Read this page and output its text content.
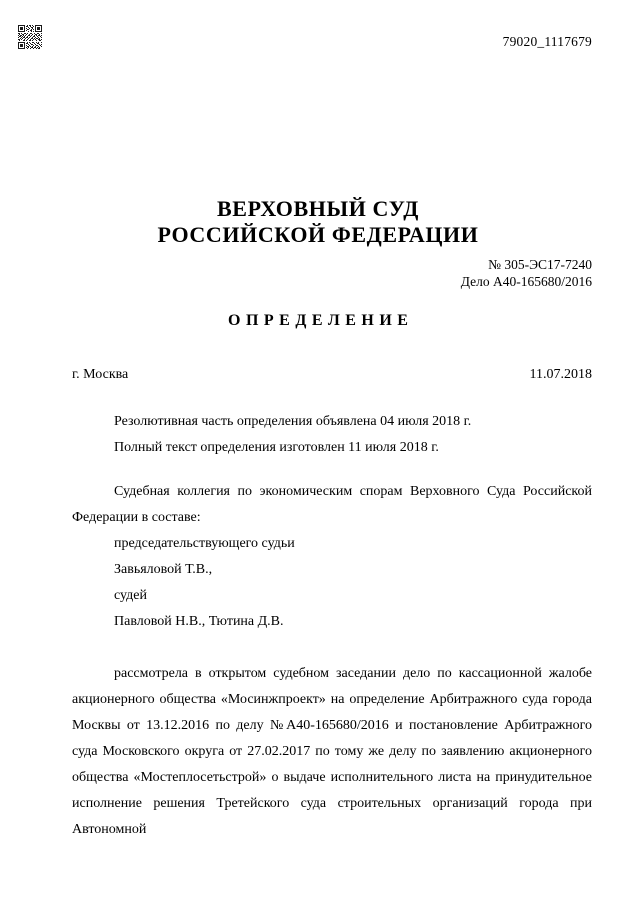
79020_1117679
ВЕРХОВНЫЙ СУД
РОССИЙСКОЙ ФЕДЕРАЦИИ
№ 305-ЭС17-7240
Дело А40-165680/2016
ОПРЕДЕЛЕНИЕ
г. Москва	11.07.2018

Резолютивная часть определения объявлена 04 июля 2018 г.

Полный текст определения изготовлен 11 июля 2018 г.

Судебная коллегия по экономическим спорам Верховного Суда Российской Федерации в составе:

председательствующего судьи

Завьяловой Т.В.,

судей

Павловой Н.В., Тютина Д.В.

рассмотрела в открытом судебном заседании дело по кассационной жалобе акционерного общества «Мосинжпроект» на определение Арбитражного суда города Москвы от 13.12.2016 по делу №А40-165680/2016 и постановление Арбитражного суда Московского округа от 27.02.2017 по тому же делу по заявлению акционерного общества «Мостеплосетьстрой» о выдаче исполнительного листа на принудительное исполнение решения Третейского суда строительных организаций города при Автономной
